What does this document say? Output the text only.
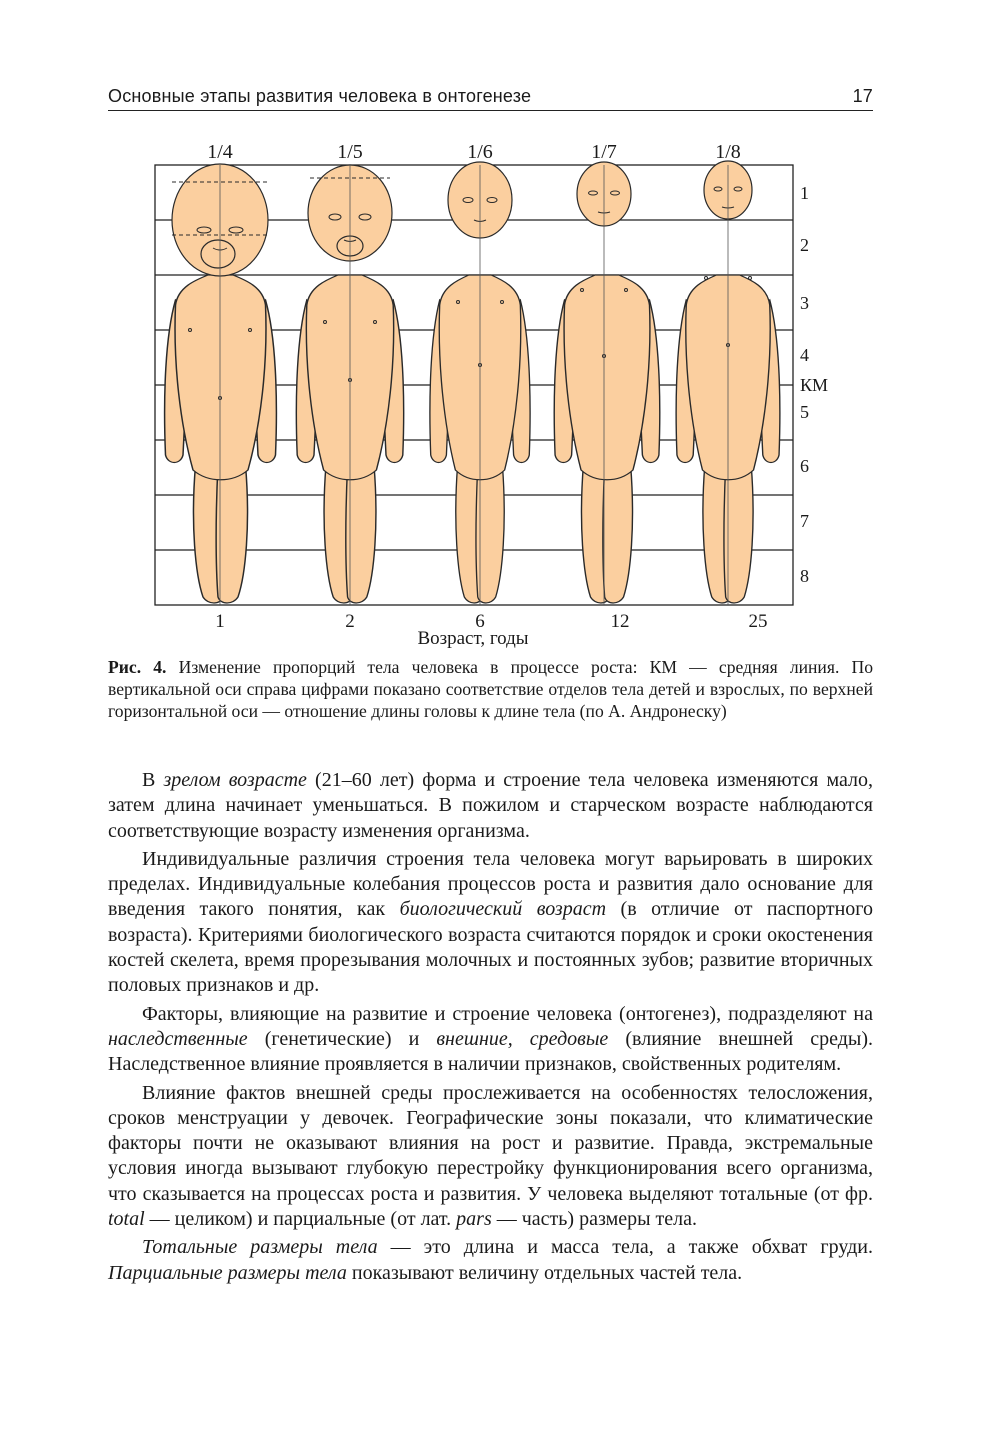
Основные этапы развития человека в онтогенезе	17
1/4	1/5	1/6	1/7	1/8
1
2
3
4
КМ
5
6
7
8
1	2	6	12	25
Возраст, годы
Рис. 4. Изменение пропорций тела человека в процессе роста: КМ — средняя линия. По вертикальной оси справа цифрами показано соответствие отделов тела детей и взрослых, по верхней горизонтальной оси — отношение длины головы к длине тела (по А. Андронеску)

В зрелом возрасте (21–60 лет) форма и строение тела человека изменяются мало, затем длина начинает уменьшаться. В пожилом и старческом возрасте наблюдаются соответствующие возрасту изменения организма.

Индивидуальные различия строения тела человека могут варьировать в широких пределах. Индивидуальные колебания процессов роста и развития дало основание для введения такого понятия, как биологический возраст (в отличие от паспортного возраста). Критериями биологического возраста считаются порядок и сроки окостенения костей скелета, время прорезывания молочных и постоянных зубов; развитие вторичных половых признаков и др.

Факторы, влияющие на развитие и строение человека (онтогенез), подразделяют на наследственные (генетические) и внешние, средовые (влияние внешней среды). Наследственное влияние проявляется в наличии признаков, свойственных родителям.

Влияние фактов внешней среды прослеживается на особенностях телосложения, сроков менструации у девочек. Географические зоны показали, что климатические факторы почти не оказывают влияния на рост и развитие. Правда, экстремальные условия иногда вызывают глубокую перестройку функционирования всего организма, что сказывается на процессах роста и развития. У человека выделяют тотальные (от фр. total — целиком) и парциальные (от лат. pars — часть) размеры тела.

Тотальные размеры тела — это длина и масса тела, а также обхват груди. Парциальные размеры тела показывают величину отдельных частей тела.
